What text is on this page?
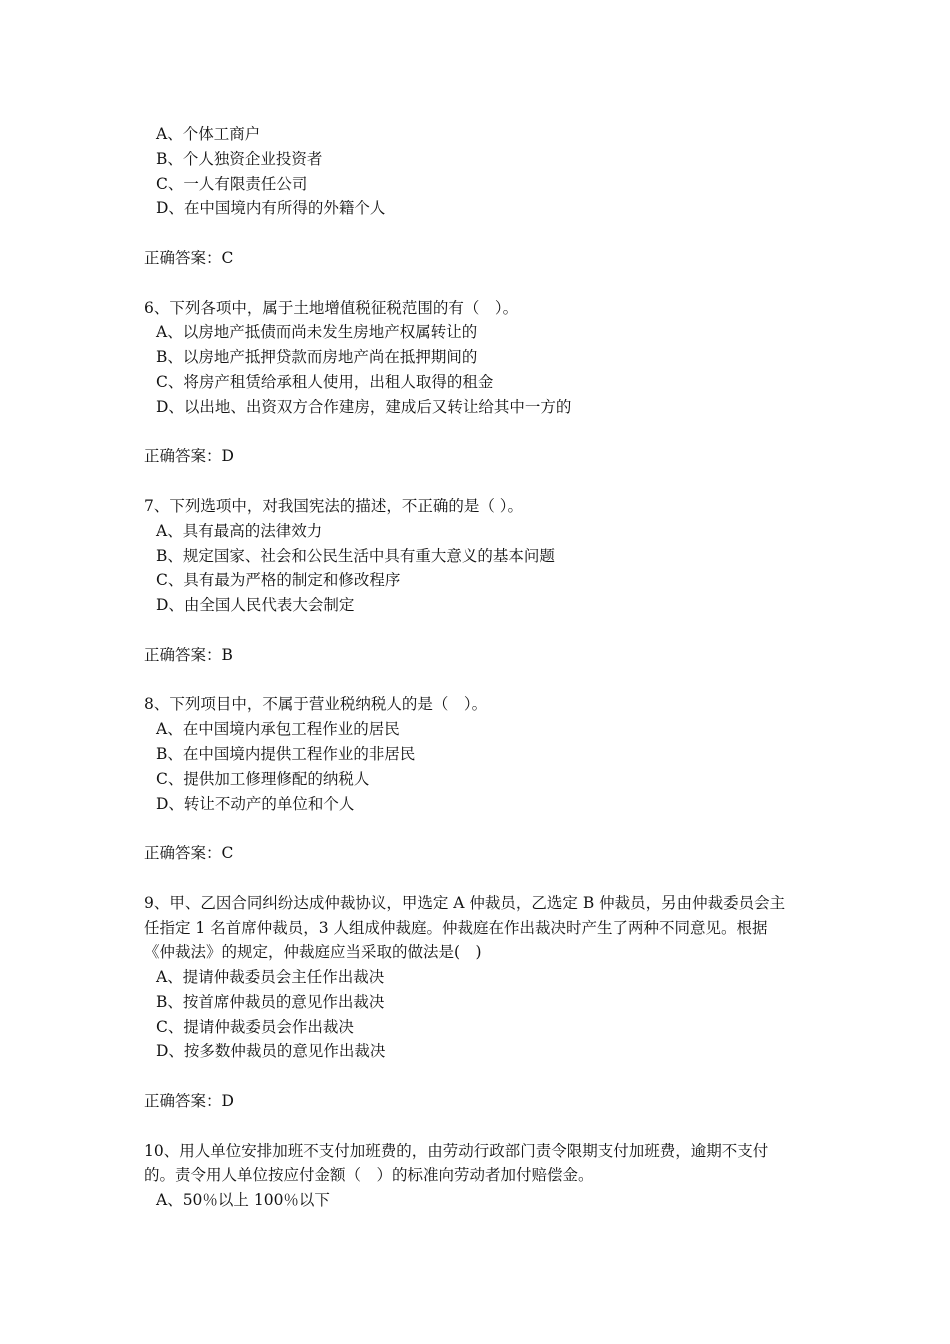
A、个体工商户

B、个人独资企业投资者

C、一人有限责任公司

D、在中国境内有所得的外籍个人

正确答案：C

6、下列各项中，属于土地增值税征税范围的有（　）。

A、以房地产抵债而尚未发生房地产权属转让的

B、以房地产抵押贷款而房地产尚在抵押期间的

C、将房产租赁给承租人使用，出租人取得的租金

D、以出地、出资双方合作建房，建成后又转让给其中一方的

正确答案：D

7、下列选项中，对我国宪法的描述，不正确的是（ ）。

A、具有最高的法律效力

B、规定国家、社会和公民生活中具有重大意义的基本问题

C、具有最为严格的制定和修改程序

D、由全国人民代表大会制定

正确答案：B

8、下列项目中，不属于营业税纳税人的是（　）。

A、在中国境内承包工程作业的居民

B、在中国境内提供工程作业的非居民

C、提供加工修理修配的纳税人

D、转让不动产的单位和个人

正确答案：C

9、甲、乙因合同纠纷达成仲裁协议，甲选定 A 仲裁员，乙选定 B 仲裁员，另由仲裁委员会主

任指定 1 名首席仲裁员，3 人组成仲裁庭。仲裁庭在作出裁决时产生了两种不同意见。根据

《仲裁法》的规定，仲裁庭应当采取的做法是(　)

A、提请仲裁委员会主任作出裁决

B、按首席仲裁员的意见作出裁决

C、提请仲裁委员会作出裁决

D、按多数仲裁员的意见作出裁决

正确答案：D

10、用人单位安排加班不支付加班费的，由劳动行政部门责令限期支付加班费，逾期不支付

的。责令用人单位按应付金额（　）的标准向劳动者加付赔偿金。

A、50％以上 100％以下
